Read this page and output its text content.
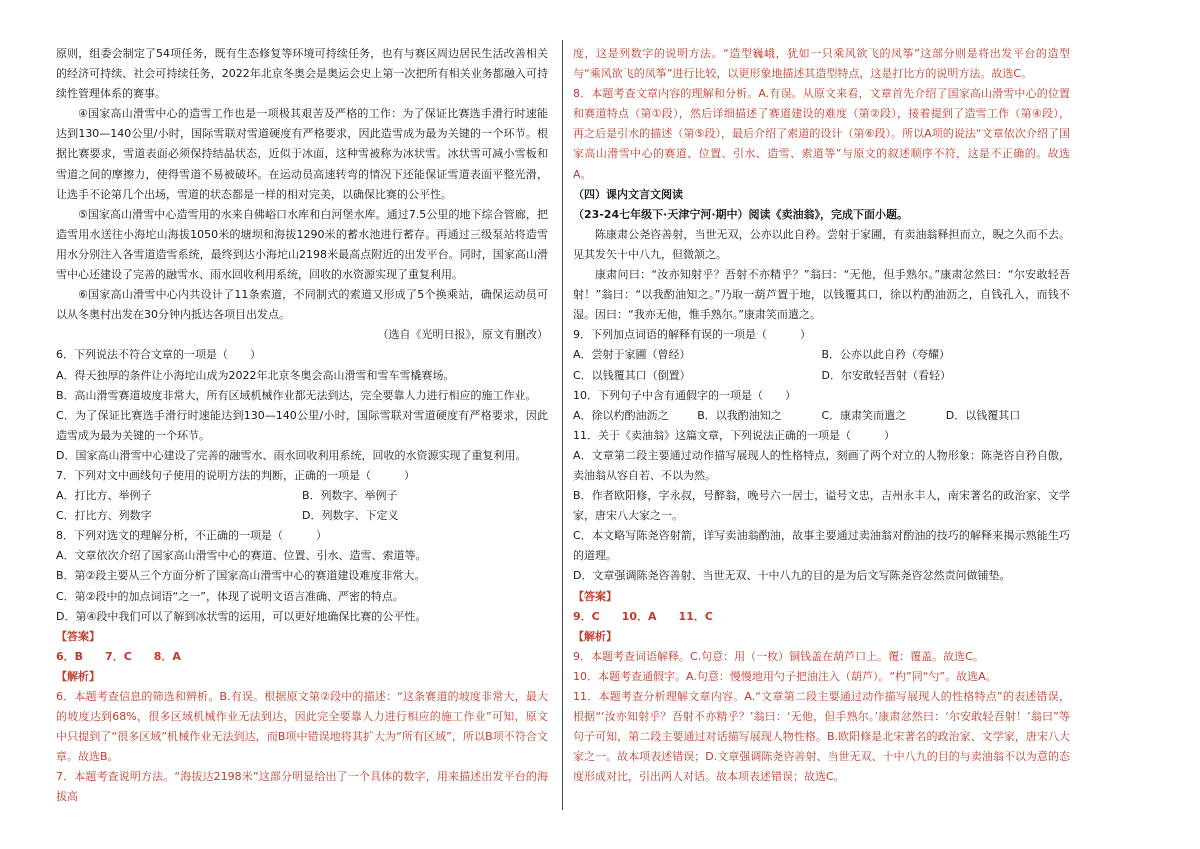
原则，组委会制定了54项任务，既有生态修复等环境可持续任务，也有与赛区周边居民生活改善相关的经济可持续、社会可持续任务，2022年北京冬奥会是奥运会史上第一次把所有相关业务都融入可持续性管理体系的赛事。

④国家高山滑雪中心的造雪工作也是一项极其艰苦及严格的工作：为了保证比赛选手滑行时速能达到130—140公里/小时，国际雪联对雪道硬度有严格要求，因此造雪成为最为关键的一个环节。根据比赛要求，雪道表面必须保持结晶状态，近似于冰面，这种雪被称为冰状雪。冰状雪可减小雪板和雪道之间的摩擦力，使得雪道不易被破坏。在运动员高速转弯的情况下还能保证雪道表面平整光滑，让选手不论第几个出场，雪道的状态都是一样的相对完美，以确保比赛的公平性。

⑤国家高山滑雪中心造雪用的水来自佛峪口水库和白河堡水库。通过7.5公里的地下综合管廊，把造雪用水送往小海坨山海拔1050米的塘坝和海拔1290米的蓄水池进行蓄存。再通过三级泵站将造雪用水分别注入各雪道造雪系统，最终到达小海坨山2198米最高点附近的出发平台。同时，国家高山滑雪中心还建设了完善的融雪水、雨水回收利用系统，回收的水资源实现了重复利用。

⑥国家高山滑雪中心内共设计了11条索道，不同制式的索道又形成了5个换乘站，确保运动员可以从冬奥村出发在30分钟内抵达各项目出发点。

（选自《光明日报》，原文有删改）

6．下列说法不符合文章的一项是（　　）

A．得天独厚的条件让小海坨山成为2022年北京冬奥会高山滑雪和雪车雪橇赛场。

B．高山滑雪赛道坡度非常大，所有区域机械作业都无法到达，完全要靠人力进行相应的施工作业。

C．为了保证比赛选手滑行时速能达到130—140公里/小时，国际雪联对雪道硬度有严格要求，因此造雪成为最为关键的一个环节。

D．国家高山滑雪中心建设了完善的融雪水、雨水回收利用系统，回收的水资源实现了重复利用。

7．下列对文中画线句子使用的说明方法的判断，正确的一项是（　　　）

A．打比方、举例子	B．列数字、举例子
C．打比方、列数字	D．列数字、下定义

8．下列对选文的理解分析，不正确的一项是（　　　）

A．文章依次介绍了国家高山滑雪中心的赛道、位置、引水、造雪、索道等。

B．第②段主要从三个方面分析了国家高山滑雪中心的赛道建设难度非常大。

C．第②段中的加点词语“之一”，体现了说明文语言准确、严密的特点。

D．第④段中我们可以了解到冰状雪的运用，可以更好地确保比赛的公平性。

【答案】

6．B　　7．C　　8．A

【解析】

6．本题考查信息的筛选和辨析。B.有误。根据原文第②段中的描述：“这条赛道的坡度非常大，最大的坡度达到68%，很多区域机械作业无法到达，因此完全要靠人力进行相应的施工作业”可知，原文中只提到了“很多区域”机械作业无法到达，而B项中错误地将其扩大为“所有区域”，所以B项不符合文章。故选B。

7．本题考查说明方法。“海拔达2198米”这部分明显给出了一个具体的数字，用来描述出发平台的海拔高

度，这是列数字的说明方法。“造型巍峨，犹如一只乘风欲飞的凤筝”这部分则是将出发平台的造型与“乘风欲飞的凤筝”进行比较，以更形象地描述其造型特点，这是打比方的说明方法。故选C。

8．本题考查文章内容的理解和分析。A.有误。从原文来看，文章首先介绍了国家高山滑雪中心的位置和赛道特点（第①段），然后详细描述了赛道建设的难度（第②段），接着提到了造雪工作（第④段），再之后是引水的描述（第⑤段），最后介绍了索道的设计（第⑥段）。所以A项的说法“文章依次介绍了国家高山滑雪中心的赛道、位置、引水、造雪、索道等”与原文的叙述顺序不符，这是不正确的。故选A。

（四）课内文言文阅读

（23-24七年级下·天津宁河·期中）阅读《卖油翁》，完成下面小题。

陈康肃公尧咨善射，当世无双，公亦以此自矜。尝射于家圃，有卖油翁释担而立，睨之久而不去。见其发矢十中八九，但微颔之。

康肃问曰：“汝亦知射乎？吾射不亦精乎？”翁曰：“无他，但手熟尔。”康肃忿然曰：“尔安敢轻吾射！”翁曰：“以我酌油知之。”乃取一葫芦置于地，以钱覆其口，徐以杓酌油沥之，自钱孔入，而钱不湿。因曰：“我亦无他，惟手熟尔。”康肃笑而遣之。

9．下列加点词语的解释有误的一项是（　　　）

A．尝射于家圃（曾经）	B．公亦以此自矜（夸耀）
C．以钱覆其口（倒置）	D．尔安敢轻吾射（看轻）

10．下列句子中含有通假字的一项是（　　）

A．徐以杓酌油沥之	B．以我酌油知之	C．康肃笑而遣之	D．以钱覆其口

11．关于《卖油翁》这篇文章，下列说法正确的一项是（　　　）

A．文章第二段主要通过动作描写展现人的性格特点，刻画了两个对立的人物形象：陈尧咨自矜自傲，卖油翁从容自若、不以为然。

B．作者欧阳修，字永叔，号醉翁，晚号六一居士，谥号文忠，吉州永丰人，南宋著名的政治家、文学家，唐宋八大家之一。

C．本文略写陈尧咨射箭，详写卖油翁酌油，故事主要通过卖油翁对酌油的技巧的解释来揭示熟能生巧的道理。

D．文章强调陈尧咨善射、当世无双、十中八九的目的是为后文写陈尧咨忿然责问做铺垫。

【答案】

9．C　　10．A　　11．C

【解析】

9．本题考查词语解释。C.句意：用（一枚）铜钱盖在葫芦口上。覆：覆盖。故选C。

10．本题考查通假字。A.句意：慢慢地用勺子把油注入（葫芦）。“杓”同“勺”。故选A。

11．本题考查分析理解文章内容。A.“文章第二段主要通过动作描写展现人的性格特点”的表述错误，根据“‘汝亦知射乎？吾射不亦精乎？’翁曰：‘无他，但手熟尔。’康肃忿然曰：‘尔安敢轻吾射！’翁曰”等句子可知，第二段主要通过对话描写展现人物性格。B.欧阳修是北宋著名的政治家、文学家，唐宋八大家之一。故本项表述错误；D.文章强调陈尧咨善射、当世无双、十中八九的目的与卖油翁不以为意的态度形成对比，引出两人对话。故本项表述错误；故选C。
